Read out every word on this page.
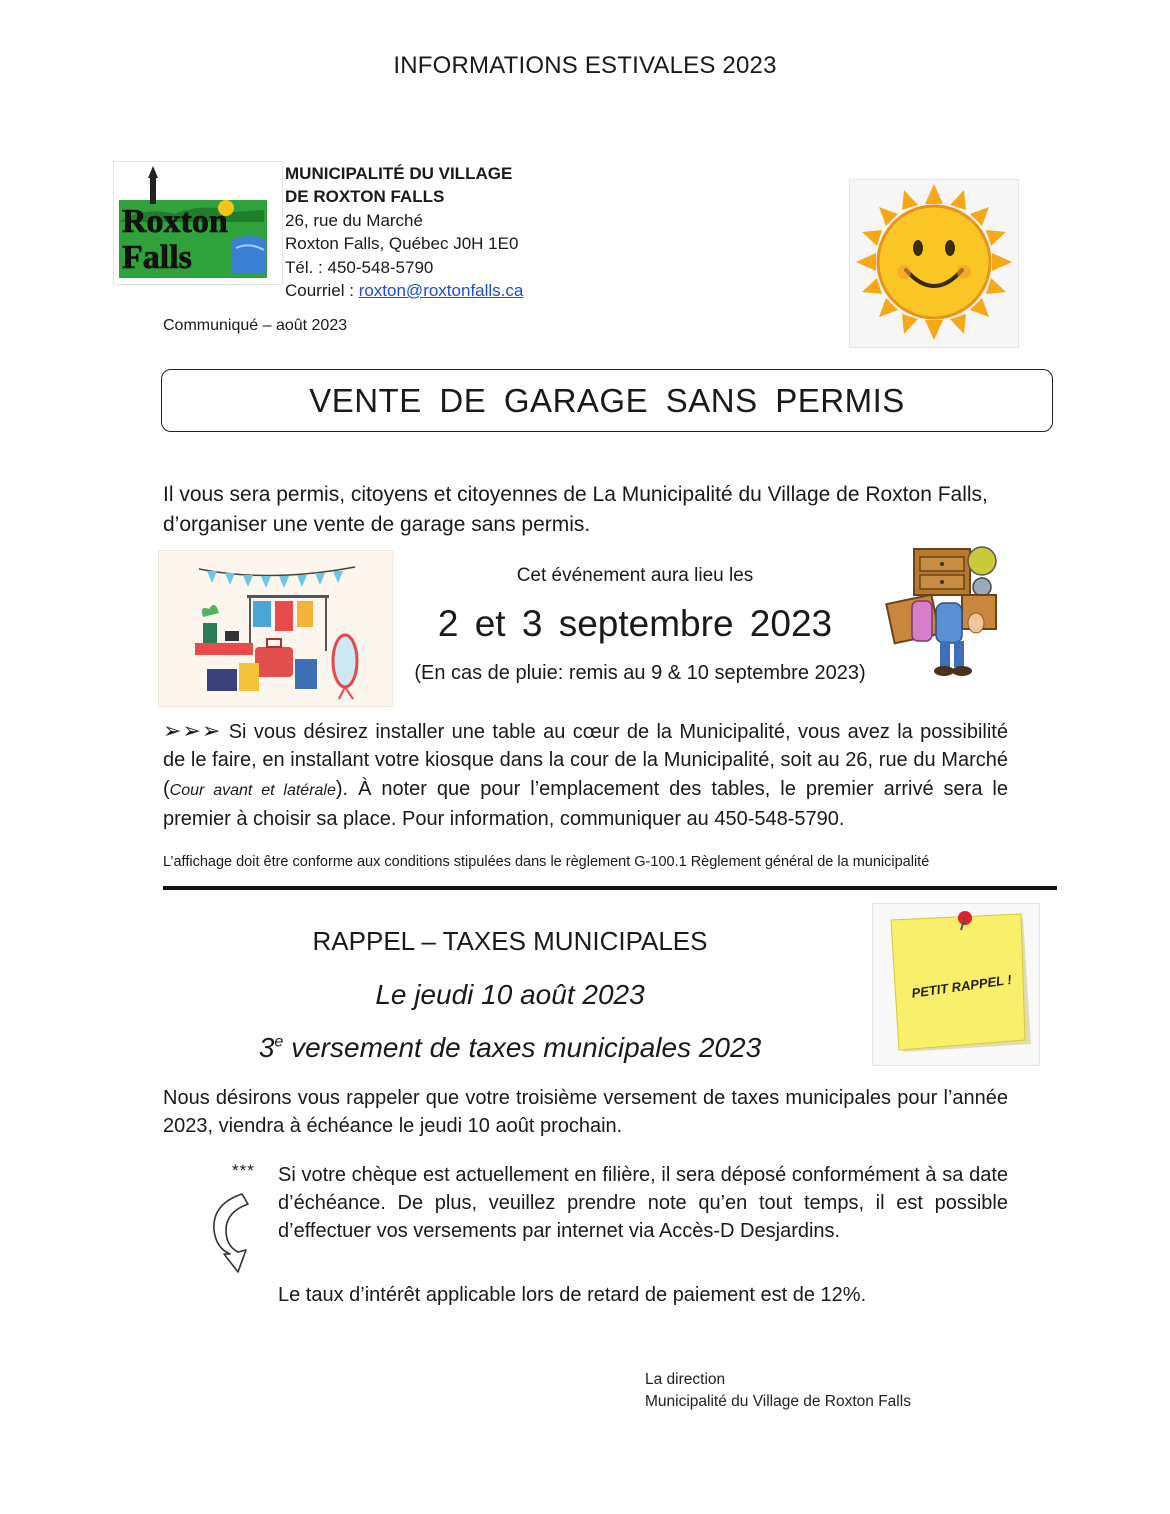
INFORMATIONS ESTIVALES 2023
Roxton
Falls
MUNICIPALITÉ DU VILLAGE
DE ROXTON FALLS
26, rue du Marché
Roxton Falls, Québec J0H 1E0
Tél. : 450-548-5790
Courriel : roxton@roxtonfalls.ca
Communiqué – août 2023
VENTE DE GARAGE SANS PERMIS
Il vous sera permis, citoyens et citoyennes de La Municipalité du Village de Roxton Falls, d’organiser une vente de garage sans permis.
Cet événement aura lieu les
2 et 3 septembre 2023
(En cas de pluie: remis au 9 & 10 septembre 2023)
➢➢➢ Si vous désirez installer une table au cœur de la Municipalité, vous avez la possibilité de le faire, en installant votre kiosque dans la cour de la Municipalité, soit au 26, rue du Marché (Cour avant et latérale). À noter que pour l’emplacement des tables, le premier arrivé sera le premier à choisir sa place. Pour information, communiquer au 450-548-5790.
L’affichage doit être conforme aux conditions stipulées dans le règlement G-100.1 Règlement général de la municipalité
PETIT RAPPEL !
RAPPEL – TAXES MUNICIPALES
Le jeudi 10 août 2023
3e versement de taxes municipales 2023
Nous désirons vous rappeler que votre troisième versement de taxes municipales pour l’année 2023, viendra à échéance le jeudi 10 août prochain.
*** Si votre chèque est actuellement en filière, il sera déposé conformément à sa date d’échéance. De plus, veuillez prendre note qu’en tout temps, il est possible d’effectuer vos versements par internet via Accès-D Desjardins.
Le taux d’intérêt applicable lors de retard de paiement est de 12%.
La direction
Municipalité du Village de Roxton Falls
